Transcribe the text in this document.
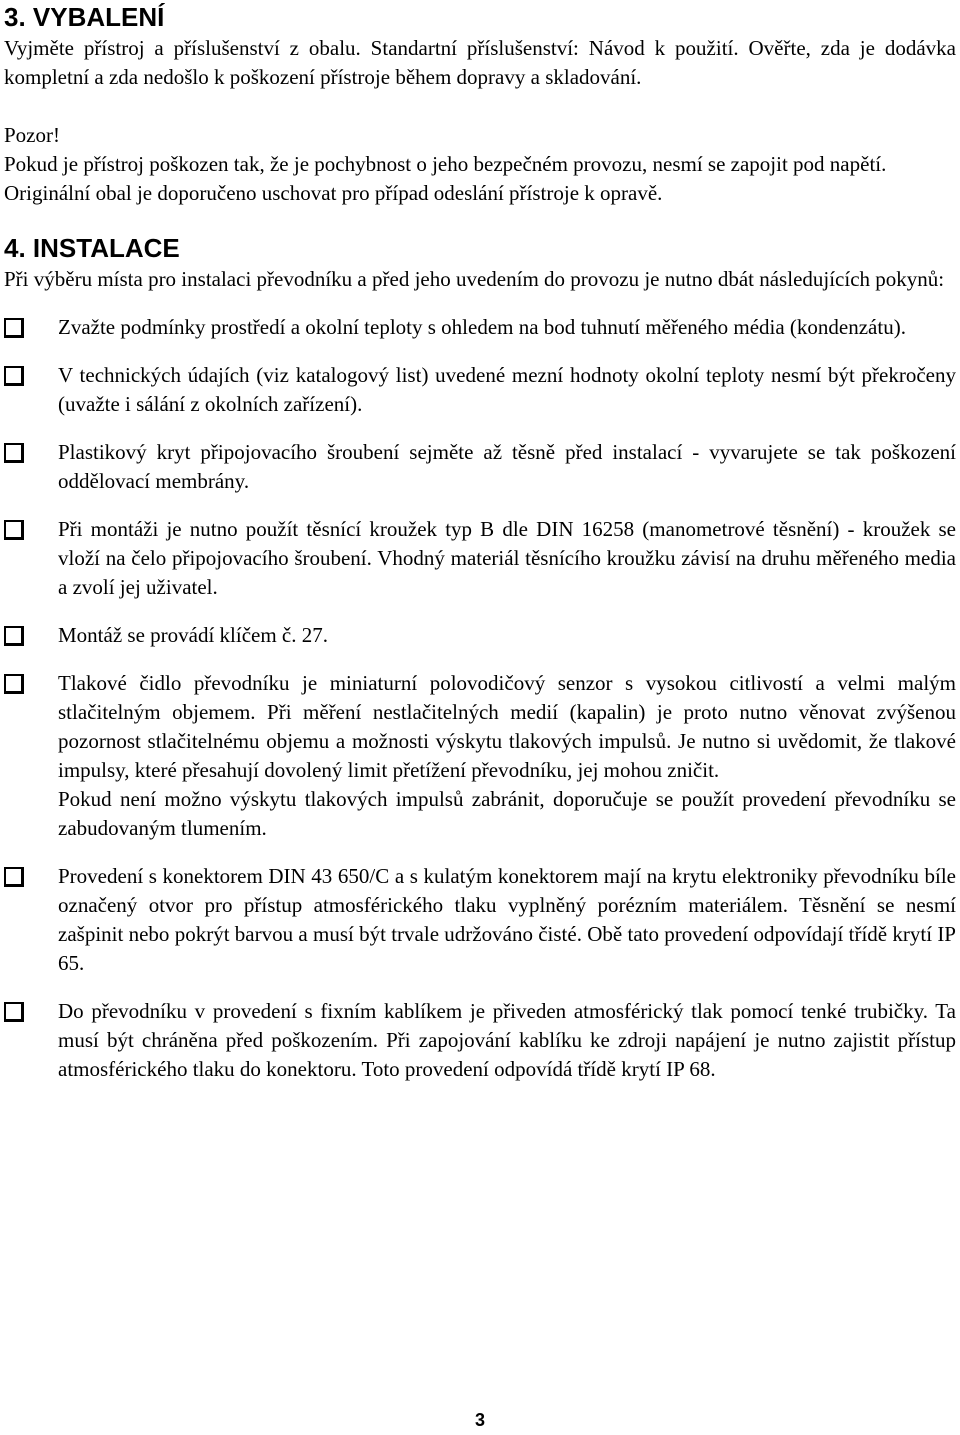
3. VYBALENÍ

Vyjměte přístroj a příslušenství z obalu. Standartní příslušenství: Návod k použití. Ověřte, zda je dodávka kompletní a zda nedošlo k poškození přístroje během dopravy a skladování.

Pozor!

Pokud je přístroj poškozen tak, že je pochybnost o jeho bezpečném provozu, nesmí se zapojit pod napětí.

Originální obal je doporučeno uschovat pro případ odeslání přístroje k opravě.

4. INSTALACE

Při výběru místa pro instalaci převodníku a před jeho uvedením do provozu je nutno dbát následujících pokynů:

Zvažte podmínky prostředí a okolní teploty s ohledem na bod tuhnutí měřeného média (kondenzátu).
V technických údajích (viz katalogový list) uvedené mezní hodnoty okolní teploty nesmí být překročeny (uvažte i sálání z okolních zařízení).
Plastikový kryt připojovacího šroubení sejměte až těsně před instalací - vyvarujete se tak poškození oddělovací membrány.
Při montáži je nutno použít těsnící kroužek typ B dle DIN 16258 (manometrové těsnění) - kroužek se vloží na čelo připojovacího šroubení. Vhodný materiál těsnícího kroužku závisí na druhu měřeného media a zvolí jej uživatel.
Montáž se provádí klíčem č. 27.
Tlakové čidlo převodníku je miniaturní polovodičový senzor s vysokou citlivostí a velmi malým stlačitelným objemem. Při měření nestlačitelných medií (kapalin) je proto nutno věnovat zvýšenou pozornost stlačitelnému objemu a možnosti výskytu tlakových impulsů. Je nutno si uvědomit, že tlakové impulsy, které přesahují dovolený limit přetížení převodníku, jej mohou zničit.
Pokud není možno výskytu tlakových impulsů zabránit, doporučuje se použít provedení převodníku se zabudovaným tlumením.
Provedení s konektorem DIN 43 650/C a s kulatým konektorem mají na krytu elektroniky převodníku bíle označený otvor pro přístup atmosférického tlaku vyplněný porézním materiálem. Těsnění se nesmí zašpinit nebo pokrýt barvou a musí být trvale udržováno čisté. Obě tato provedení odpovídají třídě krytí IP 65.
Do převodníku v provedení s fixním kablíkem je přiveden atmosférický tlak pomocí tenké trubičky. Ta musí být chráněna před poškozením. Při zapojování kablíku ke zdroji napájení je nutno zajistit přístup atmosférického tlaku do konektoru. Toto provedení odpovídá třídě krytí IP 68.
3
